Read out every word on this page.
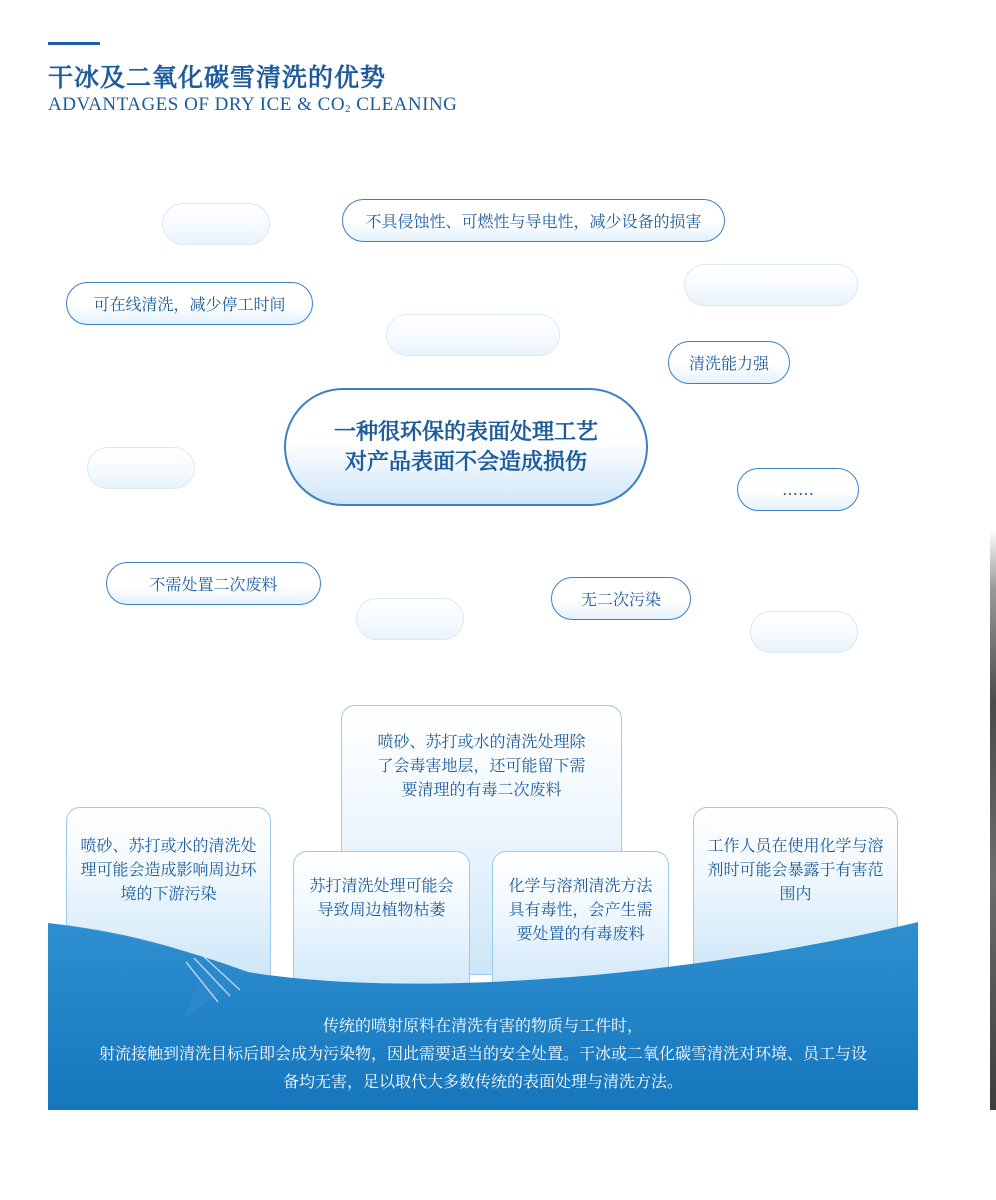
干冰及二氧化碳雪清洗的优势
ADVANTAGES OF DRY ICE & $CO_2$ CLEANING
不具侵蚀性、可燃性与导电性，减少设备的损害
可在线清洗，减少停工时间
清洗能力强
……
不需处置二次废料
无二次污染
一种很环保的表面处理工艺
对产品表面不会造成损伤
喷砂、苏打或水的清洗处理除了会毒害地层，还可能留下需要清理的有毒二次废料
喷砂、苏打或水的清洗处理可能会造成影响周边环境的下游污染
工作人员在使用化学与溶剂时可能会暴露于有害范围内
苏打清洗处理可能会导致周边植物枯萎
化学与溶剂清洗方法具有毒性，会产生需要处置的有毒废料
传统的喷射原料在清洗有害的物质与工件时，
射流接触到清洗目标后即会成为污染物，因此需要适当的安全处置。干冰或二氧化碳雪清洗对环境、员工与设
备均无害，足以取代大多数传统的表面处理与清洗方法。
